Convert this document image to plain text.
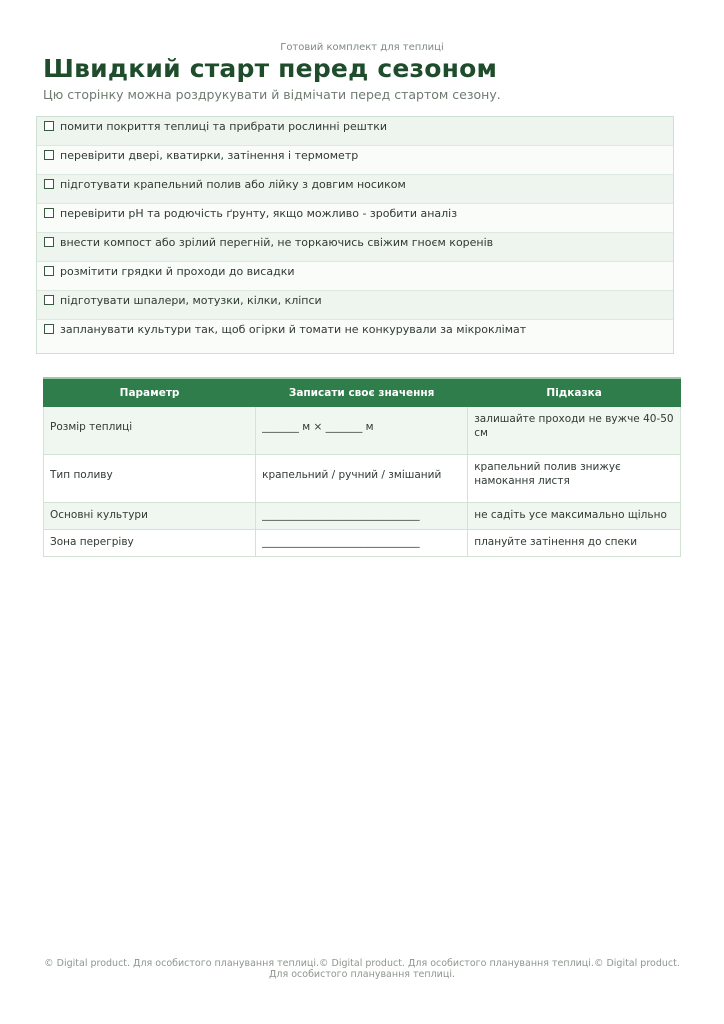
Готовий комплект для теплиці
Швидкий старт перед сезоном

Цю сторінку можна роздрукувати й відмічати перед стартом сезону.

помити покриття теплиці та прибрати рослинні рештки
перевірити двері, кватирки, затінення і термометр
підготувати крапельний полив або лійку з довгим носиком
перевірити pH та родючість ґрунту, якщо можливо - зробити аналіз
внести компост або зрілий перегній, не торкаючись свіжим гноєм коренів
розмітити грядки й проходи до висадки
підготувати шпалери, мотузки, кілки, кліпси
запланувати культури так, щоб огірки й томати не конкурували за мікроклімат
Параметр	Записати своє значення	Підказка
Розмір теплиці	_______ м × _______ м	залишайте проходи не вужче 40-50 см
Тип поливу	крапельний / ручний / змішаний	крапельний полив знижує намокання листя
Основні культури	______________________________	не садіть усе максимально щільно
Зона перегріву	______________________________	плануйте затінення до спеки
© Digital product. Для особистого планування теплиці.© Digital product. Для особистого планування теплиці.© Digital product. Для особистого планування теплиці.
